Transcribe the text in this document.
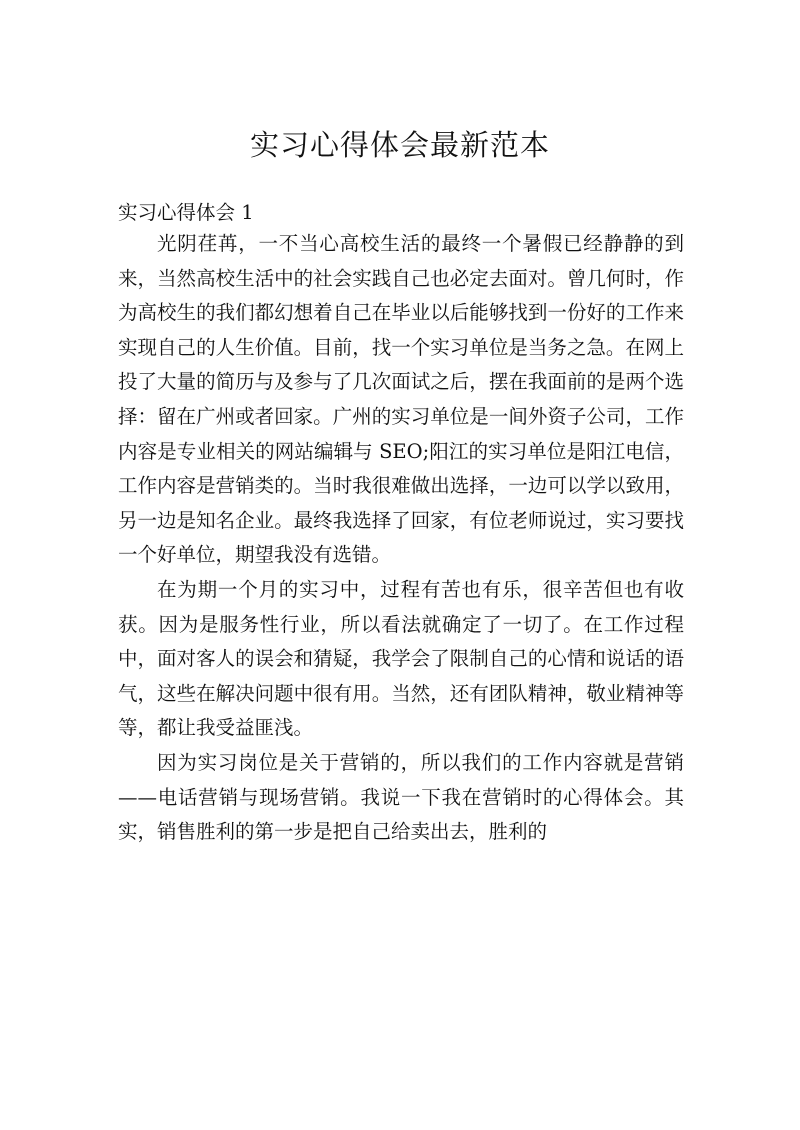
实习心得体会最新范本
实习心得体会 1

光阴荏苒，一不当心高校生活的最终一个暑假已经静静的到来，当然高校生活中的社会实践自己也必定去面对。曾几何时，作为高校生的我们都幻想着自己在毕业以后能够找到一份好的工作来实现自己的人生价值。目前，找一个实习单位是当务之急。在网上投了大量的简历与及参与了几次面试之后，摆在我面前的是两个选择：留在广州或者回家。广州的实习单位是一间外资子公司，工作内容是专业相关的网站编辑与 SEO;阳江的实习单位是阳江电信，工作内容是营销类的。当时我很难做出选择，一边可以学以致用，另一边是知名企业。最终我选择了回家，有位老师说过，实习要找一个好单位，期望我没有选错。

在为期一个月的实习中，过程有苦也有乐，很辛苦但也有收获。因为是服务性行业，所以看法就确定了一切了。在工作过程中，面对客人的误会和猜疑，我学会了限制自己的心情和说话的语气，这些在解决问题中很有用。当然，还有团队精神，敬业精神等等，都让我受益匪浅。

因为实习岗位是关于营销的，所以我们的工作内容就是营销——电话营销与现场营销。我说一下我在营销时的心得体会。其实，销售胜利的第一步是把自己给卖出去，胜利的
